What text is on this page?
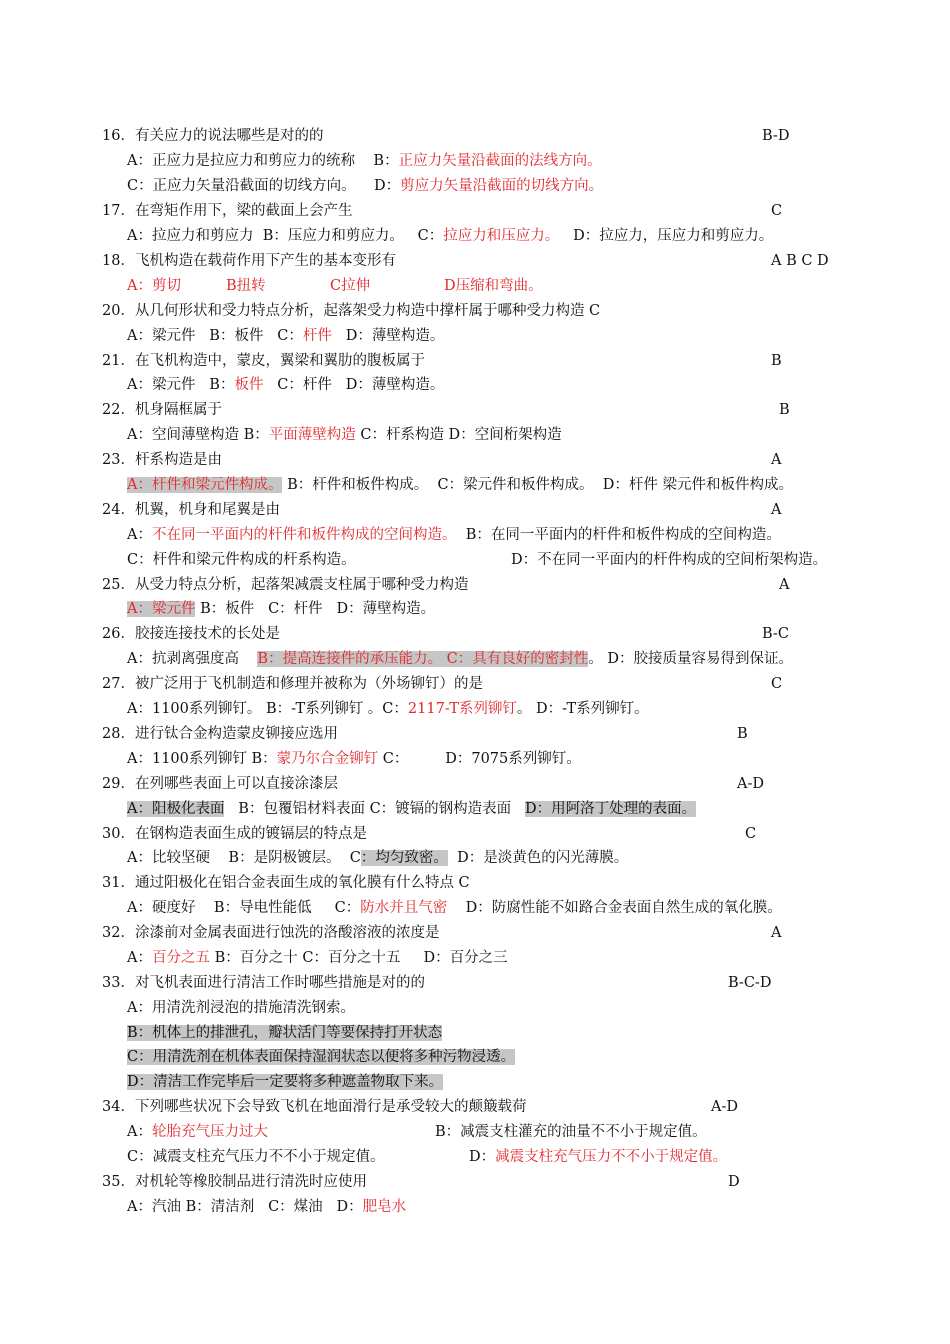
16．有关应力的说法哪些是对的的	B-D
A：正应力是拉应力和剪应力的统称    B：正应力矢量沿截面的法线方向。
C：正应力矢量沿截面的切线方向。    D：剪应力矢量沿截面的切线方向。
17．在弯矩作用下，梁的截面上会产生	C
A：拉应力和剪应力  B：压应力和剪应力。   C：拉应力和压应力。   D：拉应力，压应力和剪应力。
18．飞机构造在载荷作用下产生的基本变形有	A B C D
A：剪切	B扭转	C拉伸	D压缩和弯曲。
20．从几何形状和受力特点分析，起落架受力构造中撑杆属于哪种受力构造 C
A：梁元件   B：板件   C：杆件   D：薄壁构造。
21．在飞机构造中，蒙皮，翼梁和翼肋的腹板属于	B
A：梁元件   B：板件   C：杆件   D：薄壁构造。
22．机身隔框属于	B
A：空间薄壁构造 B：平面薄壁构造 C：杆系构造 D：空间桁架构造
23．杆系构造是由	A
A：杆件和梁元件构成。 B：杆件和板件构成。  C：梁元件和板件构成。  D：杆件 梁元件和板件构成。
24．机翼，机身和尾翼是由	A
A：不在同一平面内的杆件和板件构成的空间构造。  B：在同一平面内的杆件和板件构成的空间构造。
C：杆件和梁元件构成的杆系构造。	D：不在同一平面内的杆件构成的空间桁架构造。
25．从受力特点分析，起落架减震支柱属于哪种受力构造	A
A：梁元件 B：板件   C：杆件   D：薄壁构造。
26．胶接连接技术的长处是	B-C
A：抗剥离强度高    B：提高连接件的承压能力。 C：具有良好的密封性。 D：胶接质量容易得到保证。
27．被广泛用于飞机制造和修理并被称为（外场铆钉）的是	C
A：1100系列铆钉。 B：-T系列铆钉 。C：2117-T系列铆钉。 D：-T系列铆钉。
28．进行钛合金构造蒙皮铆接应选用	B
A：1100系列铆钉 B：蒙乃尔合金铆钉 C：        D：7075系列铆钉。
29．在列哪些表面上可以直接涂漆层	A-D
A：阳极化表面   B：包覆铝材料表面 C：镀镉的钢构造表面   D：用阿洛丁处理的表面。
30．在钢构造表面生成的镀镉层的特点是	C
A：比较坚硬    B：是阴极镀层。  C：均匀致密。  D：是淡黄色的闪光薄膜。
31．通过阳极化在铝合金表面生成的氧化膜有什么特点 C
A：硬度好    B：导电性能低     C：防水并且气密    D：防腐性能不如路合金表面自然生成的氧化膜。
32．涂漆前对金属表面进行蚀洗的洛酸溶液的浓度是	A
A：百分之五 B：百分之十 C：百分之十五     D：百分之三
33．对飞机表面进行清洁工作时哪些措施是对的的	B-C-D
A：用清洗剂浸泡的措施清洗钢索。
B：机体上的排泄孔，瓣状活门等要保持打开状态
C：用清洗剂在机体表面保持湿润状态以便将多种污物浸透。
D：清洁工作完毕后一定要将多种遮盖物取下来。
34．下列哪些状况下会导致飞机在地面滑行是承受较大的颠簸载荷	A-D
A：轮胎充气压力过大	B：减震支柱灌充的油量不不小于规定值。
C：减震支柱充气压力不不小于规定值。	D：减震支柱充气压力不不小于规定值。
35．对机轮等橡胶制品进行清洗时应使用	D
A：汽油 B：清洁剂   C：煤油   D：肥皂水
